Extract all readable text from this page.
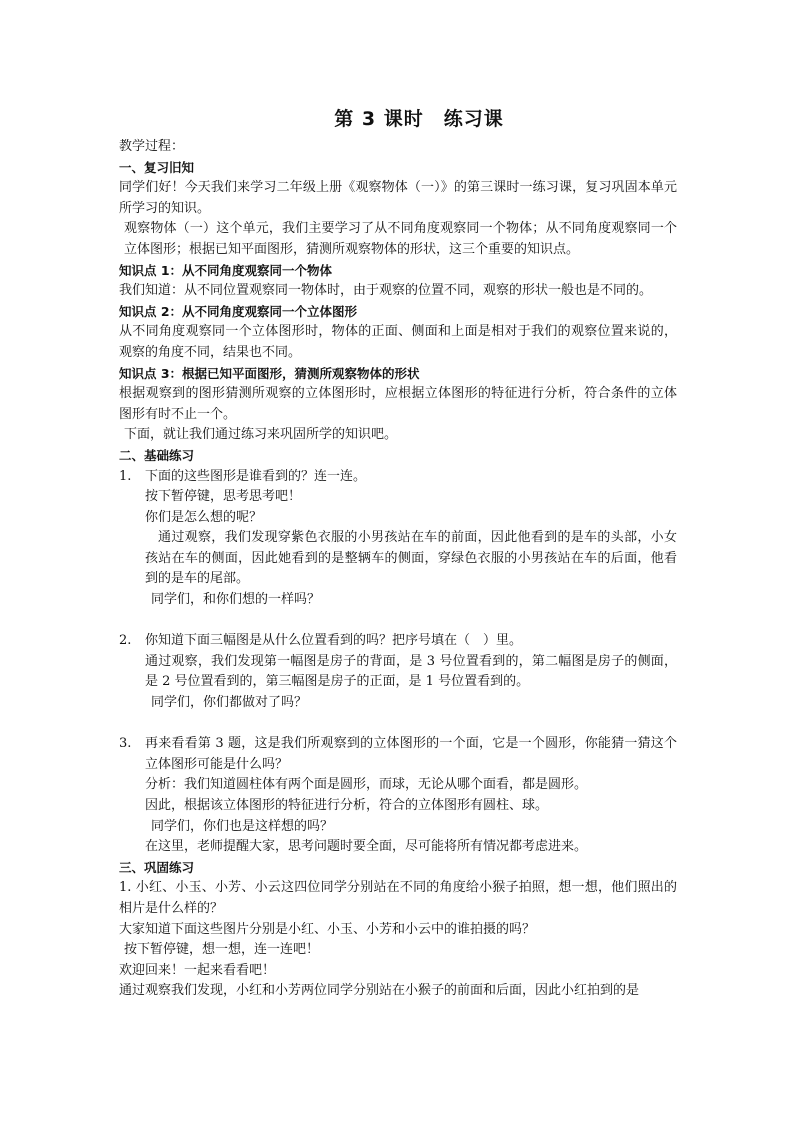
第 3 课时　练习课

教学过程：

一、复习旧知

同学们好！今天我们来学习二年级上册《观察物体（一）》的第三课时一练习课，复习巩固本单元所学习的知识。

观察物体（一）这个单元，我们主要学习了从不同角度观察同一个物体；从不同角度观察同一个立体图形；根据已知平面图形，猜测所观察物体的形状，这三个重要的知识点。

知识点 1：从不同角度观察同一个物体

我们知道：从不同位置观察同一物体时，由于观察的位置不同，观察的形状一般也是不同的。

知识点 2：从不同角度观察同一个立体图形

从不同角度观察同一个立体图形时，物体的正面、侧面和上面是相对于我们的观察位置来说的，观察的角度不同，结果也不同。

知识点 3：根据已知平面图形，猜测所观察物体的形状

根据观察到的图形猜测所观察的立体图形时，应根据立体图形的特征进行分析，符合条件的立体图形有时不止一个。

下面，就让我们通过练习来巩固所学的知识吧。

二、基础练习

1. 下面的这些图形是谁看到的？连一连。

按下暂停键，思考思考吧！

你们是怎么想的呢？

通过观察，我们发现穿紫色衣服的小男孩站在车的前面，因此他看到的是车的头部，小女孩站在车的侧面，因此她看到的是整辆车的侧面，穿绿色衣服的小男孩站在车的后面，他看到的是车的尾部。

同学们，和你们想的一样吗？

2. 你知道下面三幅图是从什么位置看到的吗？把序号填在（　）里。

通过观察，我们发现第一幅图是房子的背面，是 3 号位置看到的，第二幅图是房子的侧面，是 2 号位置看到的，第三幅图是房子的正面，是 1 号位置看到的。

同学们，你们都做对了吗？

3. 再来看看第 3 题，这是我们所观察到的立体图形的一个面，它是一个圆形，你能猜一猜这个立体图形可能是什么吗？

分析：我们知道圆柱体有两个面是圆形，而球，无论从哪个面看，都是圆形。

因此，根据该立体图形的特征进行分析，符合的立体图形有圆柱、球。

同学们，你们也是这样想的吗？

在这里，老师提醒大家，思考问题时要全面，尽可能将所有情况都考虑进来。

三、巩固练习

1. 小红、小玉、小芳、小云这四位同学分别站在不同的角度给小猴子拍照，想一想，他们照出的相片是什么样的？

大家知道下面这些图片分别是小红、小玉、小芳和小云中的谁拍摄的吗？

按下暂停键，想一想，连一连吧！

欢迎回来！一起来看看吧！

通过观察我们发现，小红和小芳两位同学分别站在小猴子的前面和后面，因此小红拍到的是
